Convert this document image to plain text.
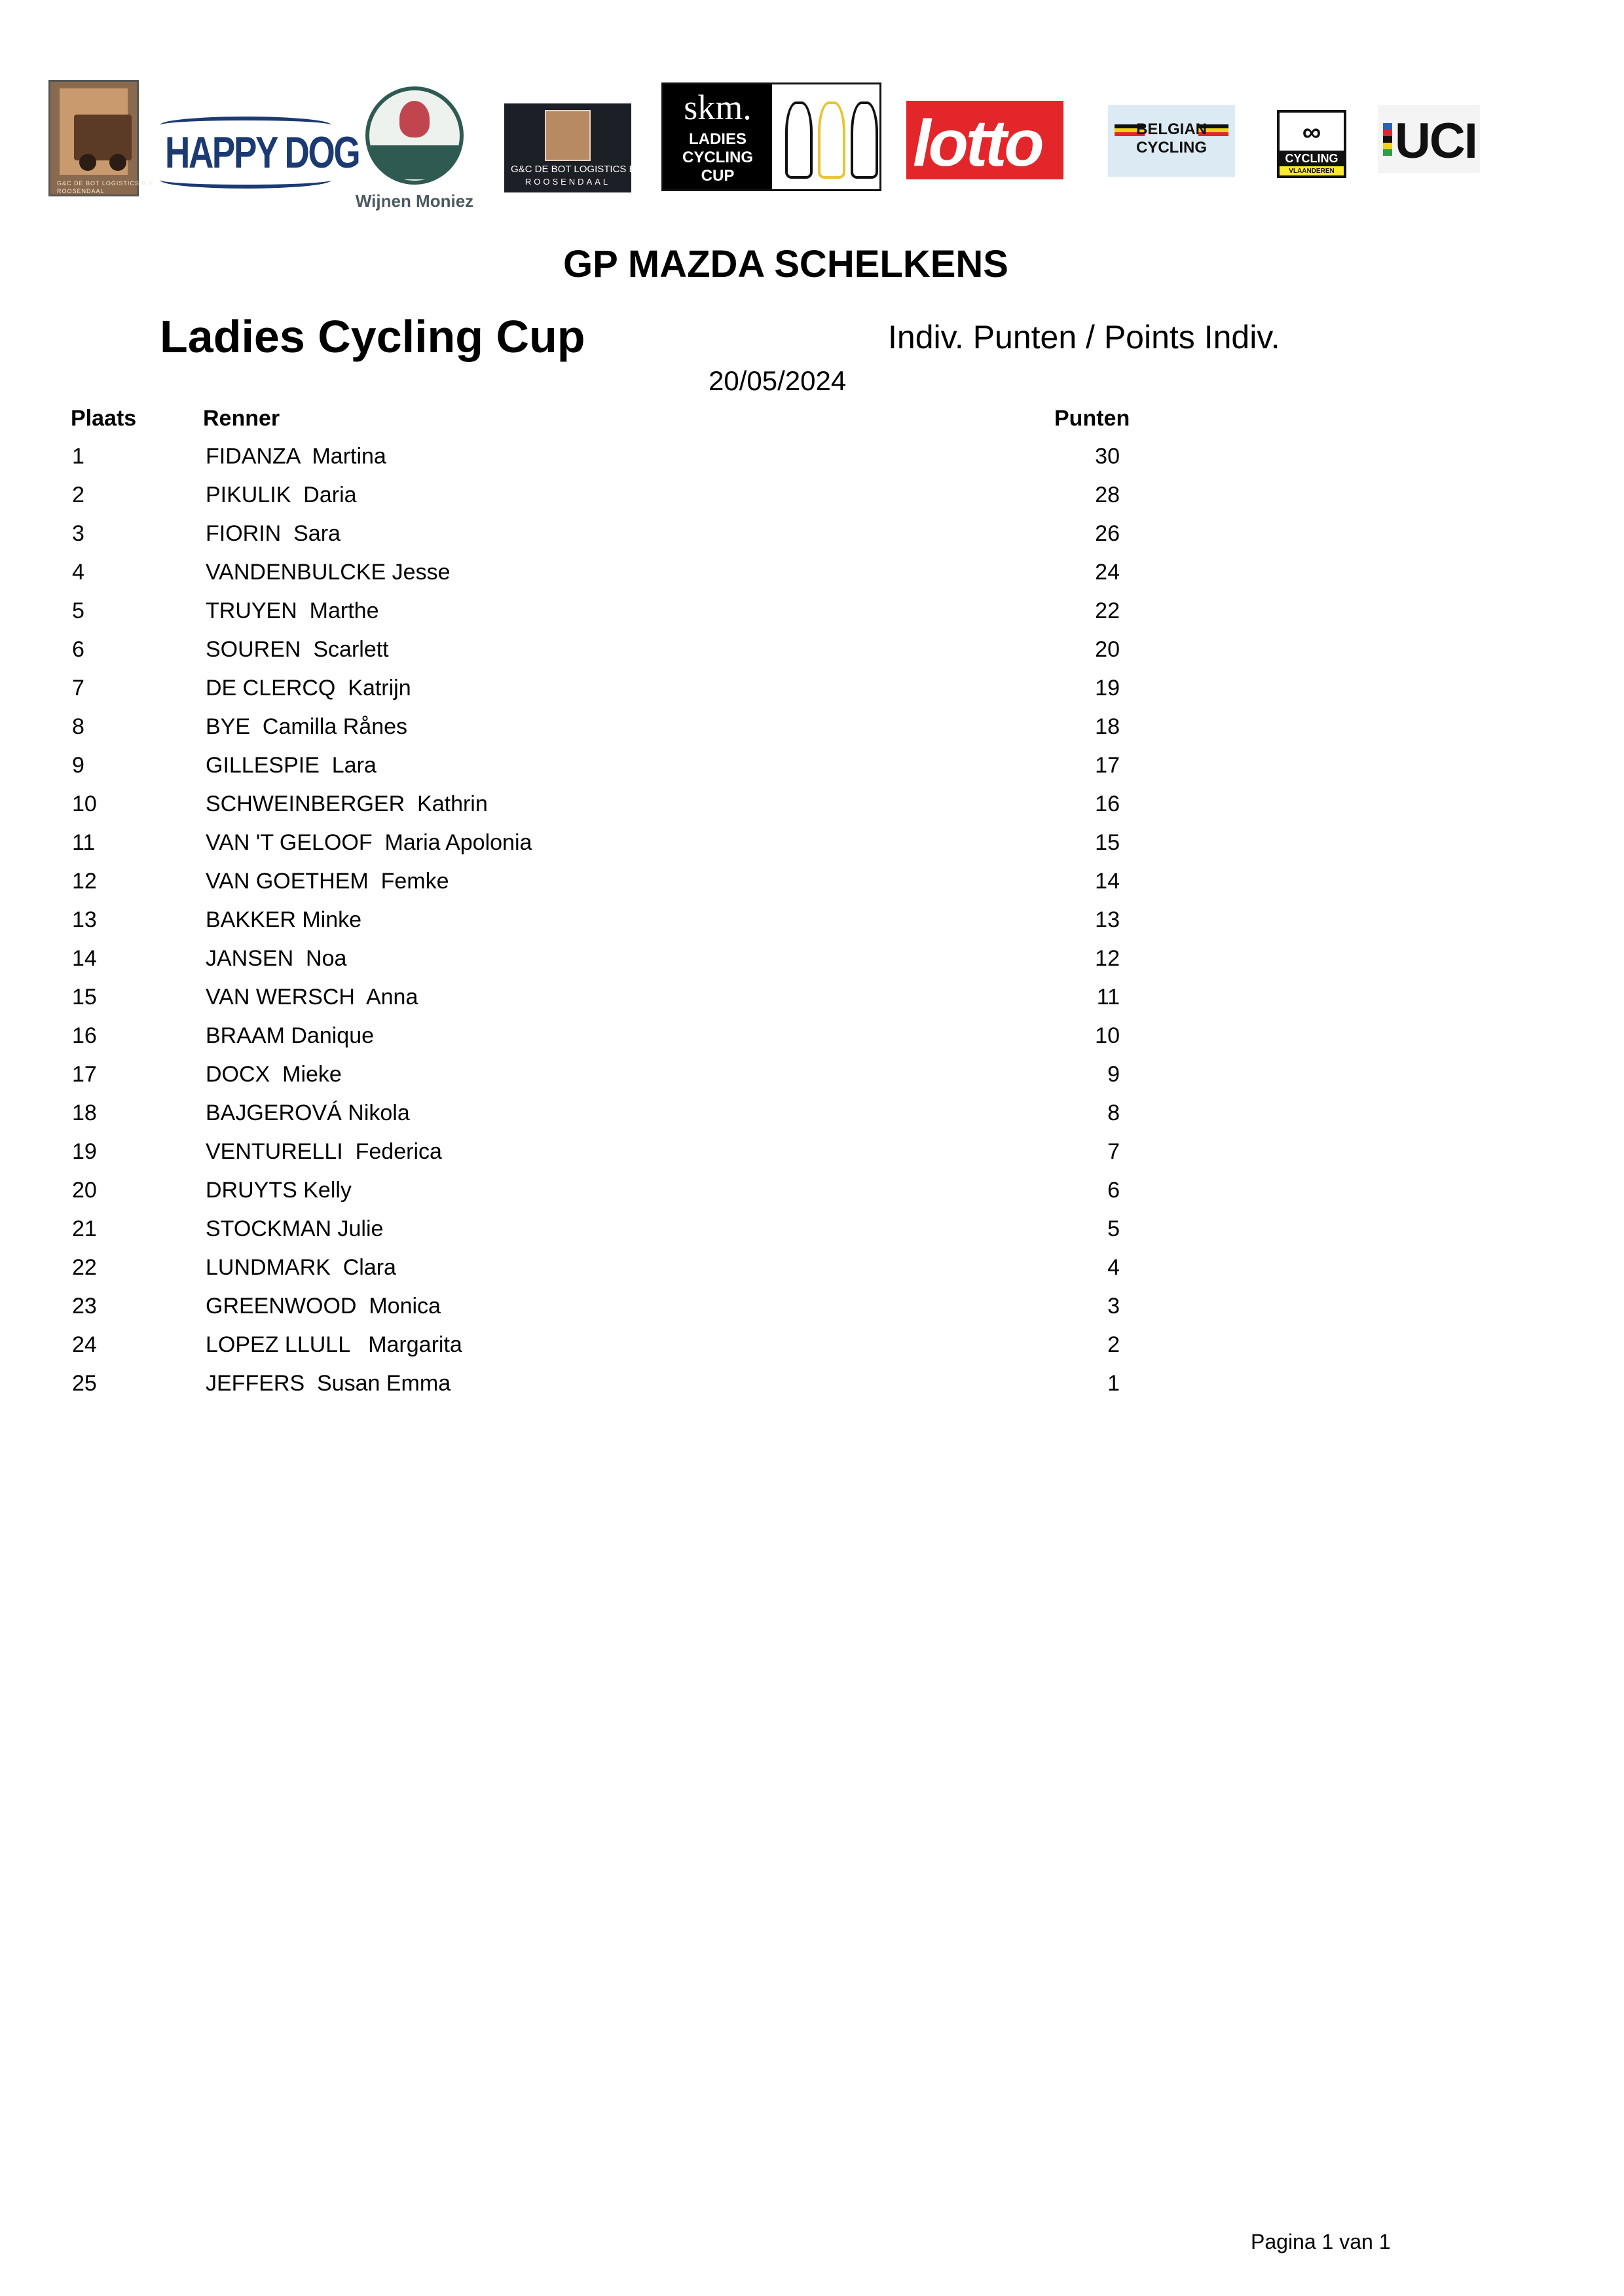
G&C DE BOT LOGISTICS B.V.
ROOSENDAAL
HAPPY DOG
Wijnen Moniez
G&C DE BOT LOGISTICS B.V.
ROOSENDAAL
skm.
LADIES
CYCLING
CUP	lotto	BELGIAN
CYCLING
∞
CYCLING
VLAANDEREN
UCI
GP MAZDA SCHELKENS
Ladies Cycling Cup	Indiv. Punten / Points Indiv.
20/05/2024
Plaats	Renner	Punten
1	FIDANZA  Martina	30
2	PIKULIK  Daria	28
3	FIORIN  Sara	26
4	VANDENBULCKE Jesse	24
5	TRUYEN  Marthe	22
6	SOUREN  Scarlett	20
7	DE CLERCQ  Katrijn	19
8	BYE  Camilla Rånes	18
9	GILLESPIE  Lara	17
10	SCHWEINBERGER  Kathrin	16
11	VAN 'T GELOOF  Maria Apolonia	15
12	VAN GOETHEM  Femke	14
13	BAKKER Minke	13
14	JANSEN  Noa	12
15	VAN WERSCH  Anna	11
16	BRAAM Danique	10
17	DOCX  Mieke	9
18	BAJGEROVÁ Nikola	8
19	VENTURELLI  Federica	7
20	DRUYTS Kelly	6
21	STOCKMAN Julie	5
22	LUNDMARK  Clara	4
23	GREENWOOD  Monica	3
24	LOPEZ LLULL   Margarita	2
25	JEFFERS  Susan Emma	1
Pagina 1 van 1
